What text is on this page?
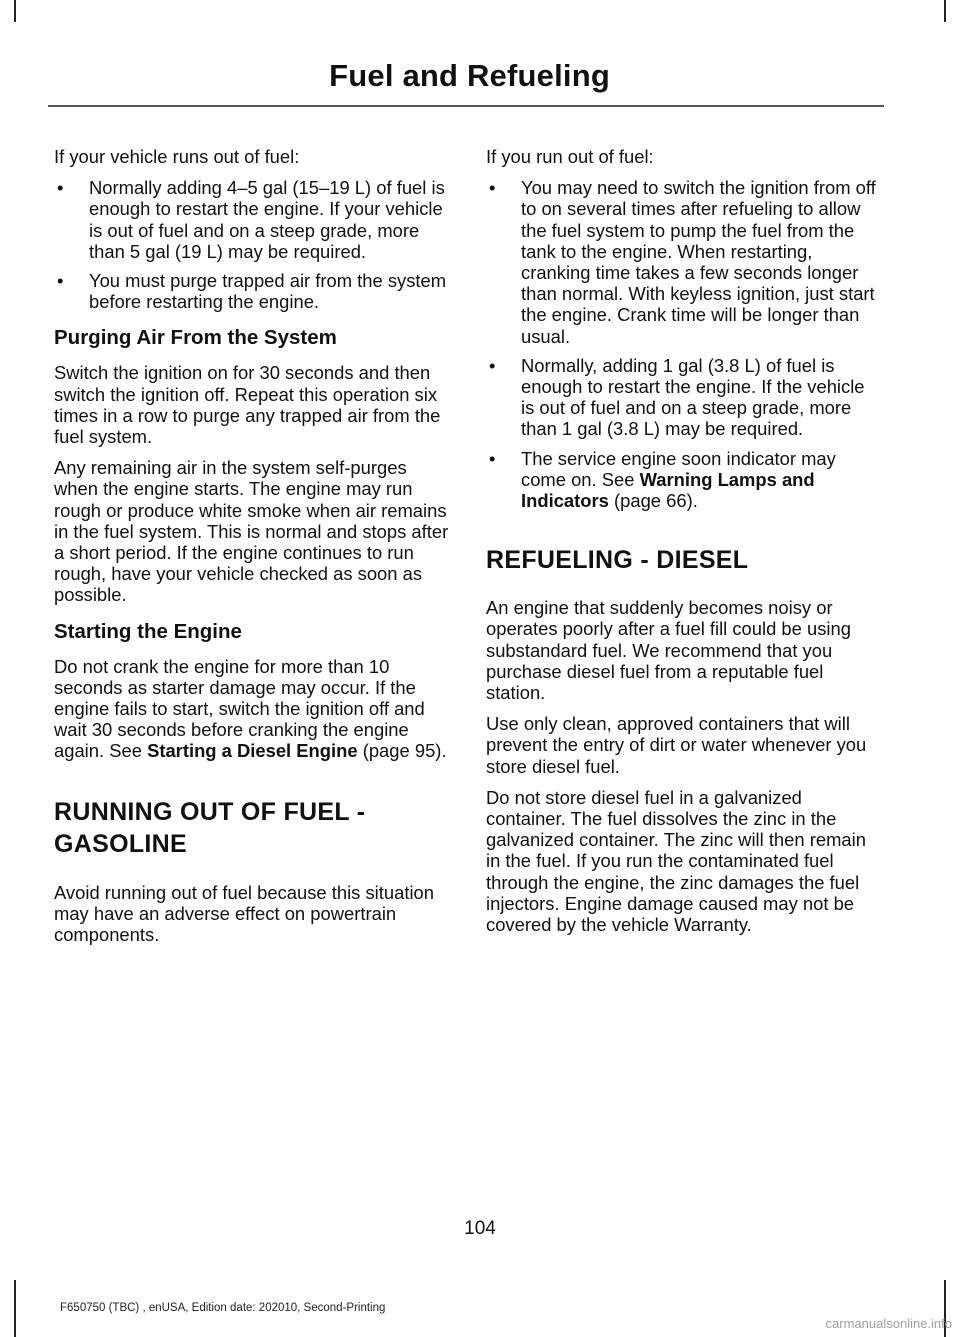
Fuel and Refueling

If your vehicle runs out of fuel:

• Normally adding 4–5 gal (15–19 L) of fuel is enough to restart the engine. If your vehicle is out of fuel and on a steep grade, more than 5 gal (19 L) may be required.
• You must purge trapped air from the system before restarting the engine.
Purging Air From the System

Switch the ignition on for 30 seconds and then switch the ignition off. Repeat this operation six times in a row to purge any trapped air from the fuel system.

Any remaining air in the system self-purges when the engine starts. The engine may run rough or produce white smoke when air remains in the fuel system. This is normal and stops after a short period. If the engine continues to run rough, have your vehicle checked as soon as possible.

Starting the Engine

Do not crank the engine for more than 10 seconds as starter damage may occur. If the engine fails to start, switch the ignition off and wait 30 seconds before cranking the engine again. See Starting a Diesel Engine (page 95).

RUNNING OUT OF FUEL -
GASOLINE

Avoid running out of fuel because this situation may have an adverse effect on powertrain components.

If you run out of fuel:

• You may need to switch the ignition from off to on several times after refueling to allow the fuel system to pump the fuel from the tank to the engine. When restarting, cranking time takes a few seconds longer than normal. With keyless ignition, just start the engine. Crank time will be longer than usual.
• Normally, adding 1 gal (3.8 L) of fuel is enough to restart the engine. If the vehicle is out of fuel and on a steep grade, more than 1 gal (3.8 L) may be required.
• The service engine soon indicator may come on. See Warning Lamps and Indicators (page 66).
REFUELING - DIESEL

An engine that suddenly becomes noisy or operates poorly after a fuel fill could be using substandard fuel. We recommend that you purchase diesel fuel from a reputable fuel station.

Use only clean, approved containers that will prevent the entry of dirt or water whenever you store diesel fuel.

Do not store diesel fuel in a galvanized container. The fuel dissolves the zinc in the galvanized container. The zinc will then remain in the fuel. If you run the contaminated fuel through the engine, the zinc damages the fuel injectors. Engine damage caused may not be covered by the vehicle Warranty.

104
F650750 (TBC) , enUSA, Edition date: 202010, Second-Printing
carmanualsonline.info
